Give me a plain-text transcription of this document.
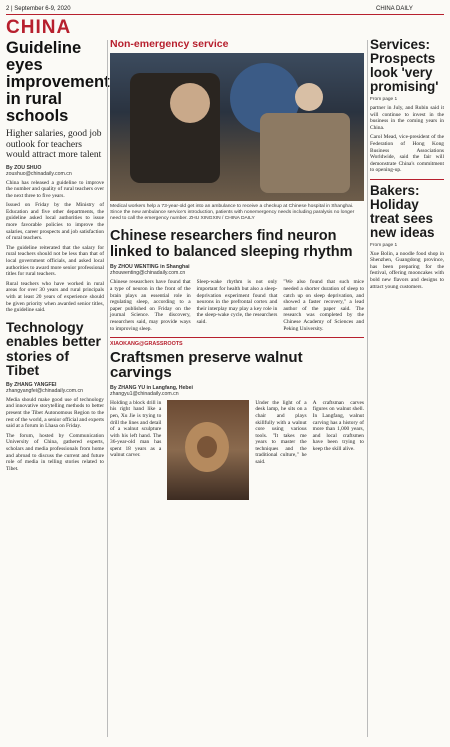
2 | September 6-9, 2020	CHINA DAILY
CHINA
Guideline eyes improvement in rural schools
Higher salaries, good job outlook for teachers would attract more talent
By ZOU SHUO
zoushuo@chinadaily.com.cn
China has released a guideline to improve the number and quality of rural teachers over the next three to five years.
Issued on Friday by the Ministry of Education and five other departments, the guideline asked local authorities to issue more favorable policies to improve the salaries, career prospects and job satisfaction of rural teachers.
The guideline reiterated that the salary for rural teachers should not be less than that of local government officials, and asked local authorities to award more senior professional titles for rural teachers.
Rural teachers who have worked in rural areas for over 30 years and rural principals with at least 20 years of experience should be given priority when awarded senior titles, the guideline said.
Technology enables better stories of Tibet
By ZHANG YANGFEI
zhangyangfei@chinadaily.com.cn
Media should make good use of technology and innovative storytelling methods to better present the Tibet Autonomous Region to the rest of the world, a senior official and experts said at a forum in Lhasa on Friday.
The forum, hosted by Communication University of China, gathered experts, scholars and media professionals from home and abroad to discuss the current and future role of media in telling stories related to Tibet.
Non-emergency service
Medical workers help a 73-year-old get into an ambulance to receive a checkup at Chinese hospital in Shanghai. Since the new ambulance service's introduction, patients with nonemergency needs including paralysis no longer need to call the emergency number. ZHU XINGXIN / CHINA DAILY
Chinese researchers find neuron linked to balanced sleeping rhythm
By ZHOU WENTING in Shanghai
zhouwenting@chinadaily.com.cn
Chinese researchers have found that a type of neuron in the front of the brain plays an essential role in regulating sleep, according to a paper published on Friday on the journal Science. The discovery, researchers said, may provide ways to improving sleep.
Sleep-wake rhythm is not only important for health but also a sleep-deprivation experiment found that neurons in the prefrontal cortex and their interplay may play a key role in the sleep-wake cycle, the researchers said.
"We also found that such mice needed a shorter duration of sleep to catch up on sleep deprivation, and showed a faster recovery," a lead author of the paper said. The research was completed by the Chinese Academy of Sciences and Peking University.
XIAOKANG@GRASSROOTS
Craftsmen preserve walnut carvings
By ZHANG YU in Langfang, Hebei
zhangyu1@chinadaily.com.cn
Holding a block drill in his right hand like a pen, Xu Jie is trying to drill the lines and detail of a walnut sculpture with his left hand. The 36-year-old man has spent 18 years as a walnut carver.
Under the light of a desk lamp, he sits on a chair and plays skillfully with a walnut core using various tools. "It takes me years to master the techniques and the traditional culture," he said.
A craftsman carves figures on walnut shell. In Langfang, walnut carving has a history of more than 1,000 years, and local craftsmen have been trying to keep the skill alive.
Services: Prospects look 'very promising'
From page 1
partner in July, and Rubin said it will continue to invest in the business in the coming years in China.
Carol Mead, vice-president of the Federation of Hong Kong Business Associations Worldwide, said the fair will demonstrate China's commitment to opening-up.
Bakers: Holiday treat sees new ideas
From page 1
Xue Bolin, a noodle food shop in Shenzhen, Guangdong province, has been preparing for the festival, offering mooncakes with bold new flavors and designs to attract young customers.
